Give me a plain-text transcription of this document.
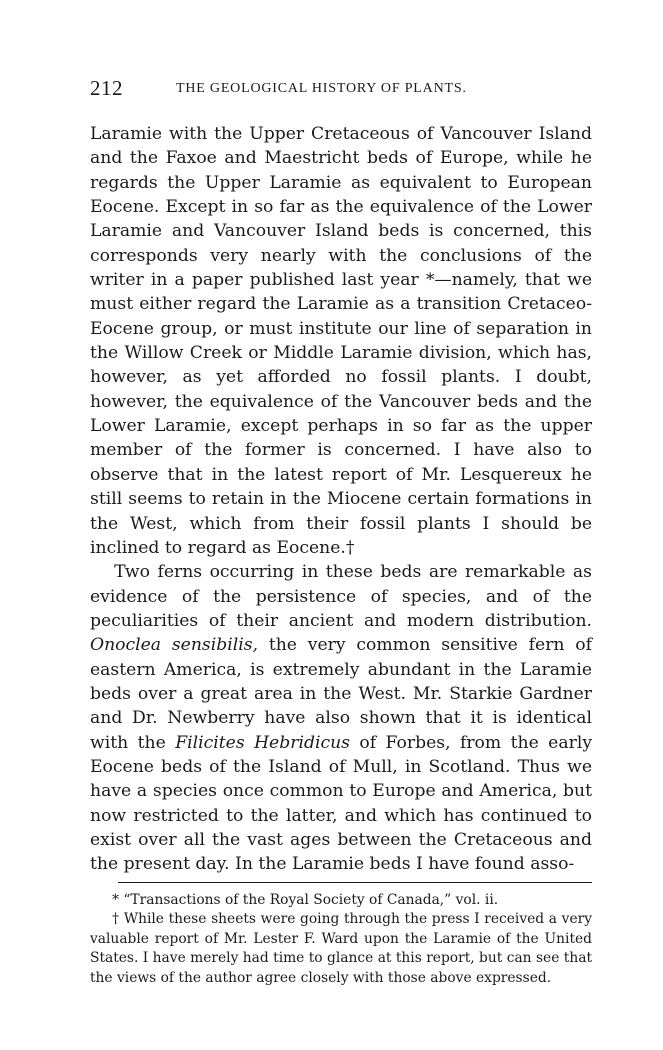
212	THE GEOLOGICAL HISTORY OF PLANTS.

Laramie with the Upper Cretaceous of Vancouver Island and the Faxoe and Maestricht beds of Europe, while he regards the Upper Laramie as equivalent to European Eocene. Except in so far as the equivalence of the Lower Laramie and Vancouver Island beds is concerned, this corresponds very nearly with the conclusions of the writer in a paper published last year *—namely, that we must either regard the Laramie as a transition Cretaceo-Eocene group, or must institute our line of separation in the Willow Creek or Middle Laramie division, which has, however, as yet afforded no fossil plants. I doubt, however, the equivalence of the Vancouver beds and the Lower Laramie, except perhaps in so far as the upper member of the former is concerned. I have also to observe that in the latest report of Mr. Lesquereux he still seems to retain in the Miocene certain formations in the West, which from their fossil plants I should be inclined to regard as Eocene.†

Two ferns occurring in these beds are remarkable as evidence of the persistence of species, and of the peculiarities of their ancient and modern distribution. Onoclea sensibilis, the very common sensitive fern of eastern America, is extremely abundant in the Laramie beds over a great area in the West. Mr. Starkie Gardner and Dr. Newberry have also shown that it is identical with the Filicites Hebridicus of Forbes, from the early Eocene beds of the Island of Mull, in Scotland. Thus we have a species once common to Europe and America, but now restricted to the latter, and which has continued to exist over all the vast ages between the Cretaceous and the present day. In the Laramie beds I have found asso-

* “Transactions of the Royal Society of Canada,” vol. ii.

† While these sheets were going through the press I received a very valuable report of Mr. Lester F. Ward upon the Laramie of the United States. I have merely had time to glance at this report, but can see that the views of the author agree closely with those above expressed.
